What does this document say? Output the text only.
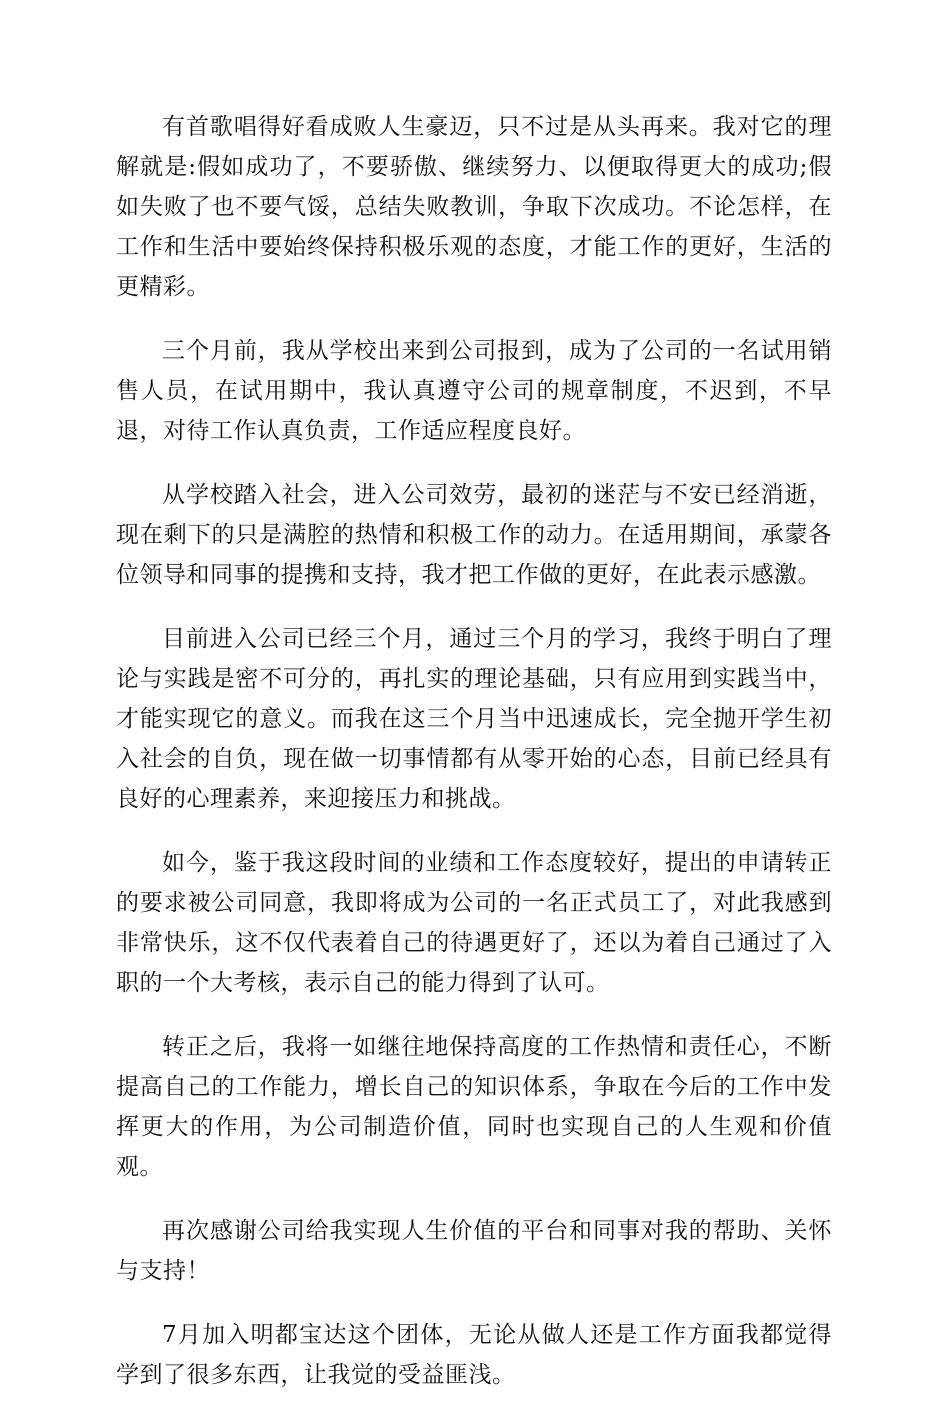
有首歌唱得好看成败人生豪迈，只不过是从头再来。我对它的理解就是:假如成功了，不要骄傲、继续努力、以便取得更大的成功;假如失败了也不要气馁，总结失败教训，争取下次成功。不论怎样，在工作和生活中要始终保持积极乐观的态度，才能工作的更好，生活的更精彩。

三个月前，我从学校出来到公司报到，成为了公司的一名试用销售人员，在试用期中，我认真遵守公司的规章制度，不迟到，不早退，对待工作认真负责，工作适应程度良好。

从学校踏入社会，进入公司效劳，最初的迷茫与不安已经消逝，现在剩下的只是满腔的热情和积极工作的动力。在适用期间，承蒙各位领导和同事的提携和支持，我才把工作做的更好，在此表示感激。

目前进入公司已经三个月，通过三个月的学习，我终于明白了理论与实践是密不可分的，再扎实的理论基础，只有应用到实践当中，才能实现它的意义。而我在这三个月当中迅速成长，完全抛开学生初入社会的自负，现在做一切事情都有从零开始的心态，目前已经具有良好的心理素养，来迎接压力和挑战。

如今，鉴于我这段时间的业绩和工作态度较好，提出的申请转正的要求被公司同意，我即将成为公司的一名正式员工了，对此我感到非常快乐，这不仅代表着自己的待遇更好了，还以为着自己通过了入职的一个大考核，表示自己的能力得到了认可。

转正之后，我将一如继往地保持高度的工作热情和责任心，不断提高自己的工作能力，增长自己的知识体系，争取在今后的工作中发挥更大的作用，为公司制造价值，同时也实现自己的人生观和价值观。

再次感谢公司给我实现人生价值的平台和同事对我的帮助、关怀与支持！

7月加入明都宝达这个团体，无论从做人还是工作方面我都觉得学到了很多东西，让我觉的受益匪浅。
